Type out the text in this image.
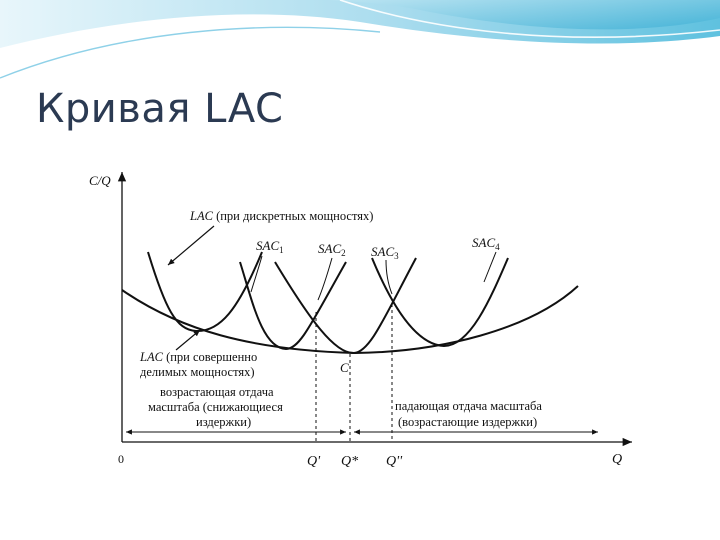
Кривая LAC
C/Q
Q
0	Q' Q* Q''
C
$SAC_1$	$SAC_2$ $SAC_3$
$SAC_4$
LAC (при дискретных мощностях)
LAC (при совершенно
делимых мощностях)
возрастающая отдача
масштаба (снижающиеся
издержки)
падающая отдача масштаба
(возрастающие издержки)
